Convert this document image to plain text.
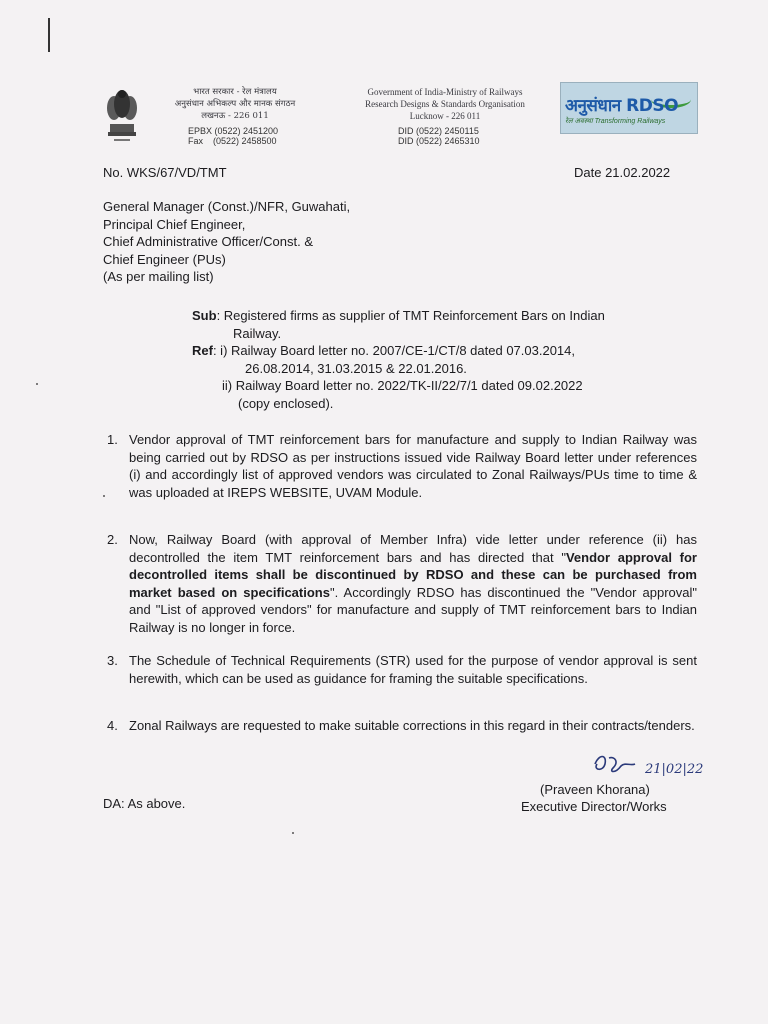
भारत सरकार - रेल मंत्रालय
अनुसंधान अभिकल्प और मानक संगठन
लखनऊ - 226 011
EPBX (0522) 2451200
Fax    (0522) 2458500
Government of India-Ministry of Railways
Research Designs & Standards Organisation
Lucknow - 226 011
DID (0522) 2450115
DID (0522) 2465310
अनुसंधान RDSO
रेल अवस्था Transforming Railways
No. WKS/67/VD/TMT	Date 21.02.2022
General Manager (Const.)/NFR, Guwahati,
Principal Chief Engineer,
Chief Administrative Officer/Const. &
Chief Engineer (PUs)
(As per mailing list)
Sub: Registered firms as supplier of TMT Reinforcement Bars on Indian
Railway.
Ref: i) Railway Board letter no. 2007/CE-1/CT/8 dated 07.03.2014,
26.08.2014, 31.03.2015 & 22.01.2016.
ii) Railway Board letter no. 2022/TK-II/22/7/1 dated 09.02.2022
(copy enclosed).
1. Vendor approval of TMT reinforcement bars for manufacture and supply to Indian Railway was being carried out by RDSO as per instructions issued vide Railway Board letter under references (i) and accordingly list of approved vendors was circulated to Zonal Railways/PUs time to time & was uploaded at IREPS WEBSITE, UVAM Module.
2. Now, Railway Board (with approval of Member Infra) vide letter under reference (ii) has decontrolled the item TMT reinforcement bars and has directed that "Vendor approval for decontrolled items shall be discontinued by RDSO and these can be purchased from market based on specifications". Accordingly RDSO has discontinued the "Vendor approval" and "List of approved vendors" for manufacture and supply of TMT reinforcement bars to Indian Railway is no longer in force.
3. The Schedule of Technical Requirements (STR) used for the purpose of vendor approval is sent herewith, which can be used as guidance for framing the suitable specifications.
4. Zonal Railways are requested to make suitable corrections in this regard in their contracts/tenders.
21|02|22
(Praveen Khorana)
Executive Director/Works
DA: As above.
